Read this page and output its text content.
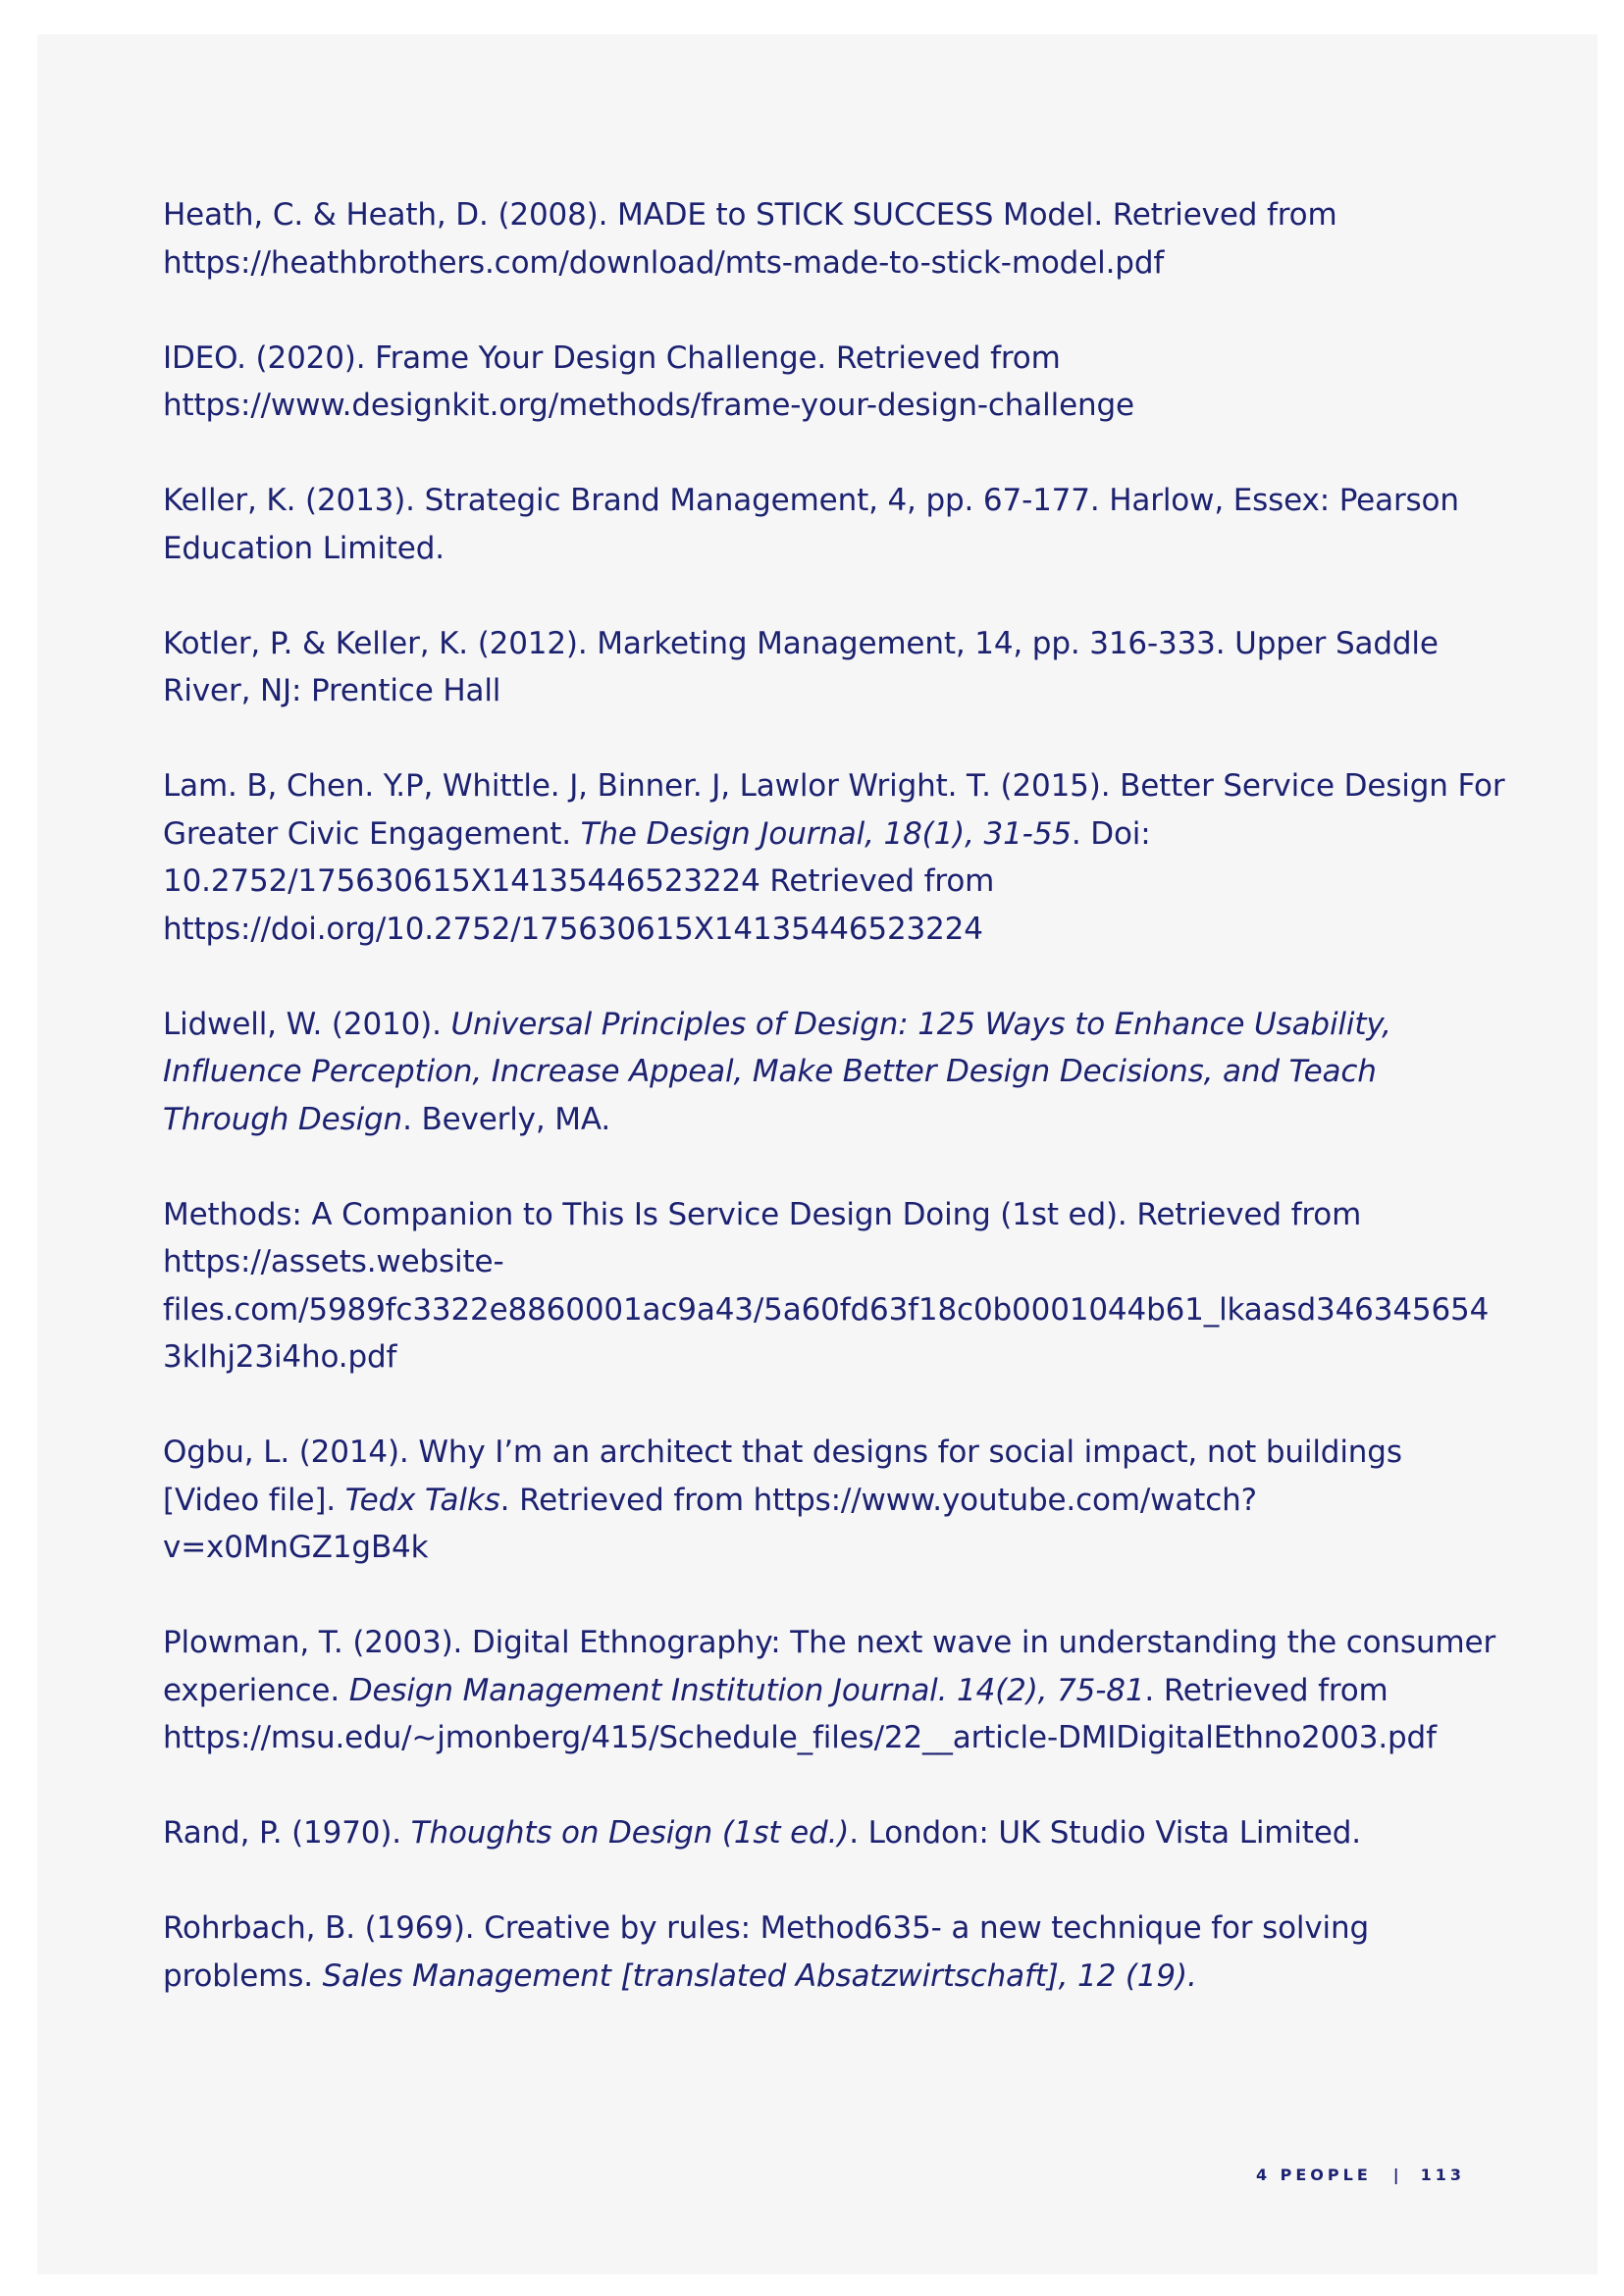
Heath, C. & Heath, D. (2008). MADE to STICK SUCCESS Model. Retrieved from https://heathbrothers.com/download/mts-made-to-stick-model.pdf

IDEO. (2020). Frame Your Design Challenge. Retrieved from https://www.designkit.org/methods/frame-your-design-challenge

Keller, K. (2013). Strategic Brand Management, 4, pp. 67-177. Harlow, Essex: Pearson Education Limited.

Kotler, P. & Keller, K. (2012). Marketing Management, 14, pp. 316-333. Upper Saddle River, NJ: Prentice Hall

Lam. B, Chen. Y.P, Whittle. J, Binner. J, Lawlor Wright. T. (2015). Better Service Design For Greater Civic Engagement. The Design Journal, 18(1), 31-55. Doi: 10.2752/175630615X14135446523224 Retrieved from https://doi.org/10.2752/175630615X14135446523224

Lidwell, W. (2010). Universal Principles of Design: 125 Ways to Enhance Usability, Influence Perception, Increase Appeal, Make Better Design Decisions, and Teach Through Design. Beverly, MA.

Methods: A Companion to This Is Service Design Doing (1st ed). Retrieved from https://assets.website-files.com/5989fc3322e8860001ac9a43/5a60fd63f18c0b0001044b61_lkaasd3463456543klhj23i4ho.pdf

Ogbu, L. (2014). Why I’m an architect that designs for social impact, not buildings [Video file]. Tedx Talks. Retrieved from https://www.youtube.com/watch?v=x0MnGZ1gB4k

Plowman, T. (2003). Digital Ethnography: The next wave in understanding the consumer experience. Design Management Institution Journal. 14(2), 75-81. Retrieved from https://msu.edu/~jmonberg/415/Schedule_files/22__article-DMIDigitalEthno2003.pdf

Rand, P. (1970). Thoughts on Design (1st ed.). London: UK Studio Vista Limited.

Rohrbach, B. (1969). Creative by rules: Method635- a new technique for solving problems. Sales Management [translated Absatzwirtschaft], 12 (19).

4 PEOPLE | 113
